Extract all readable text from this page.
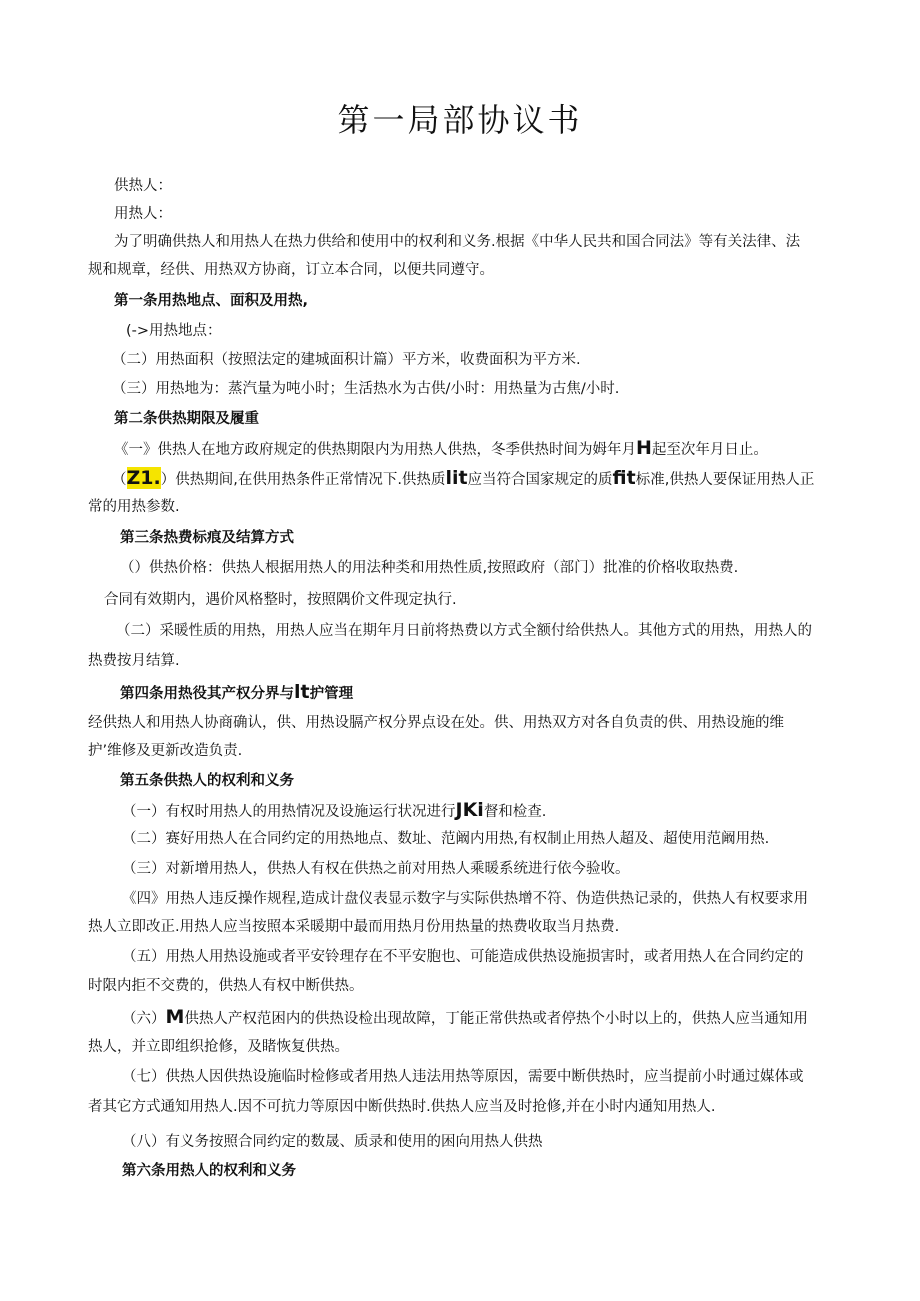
第一局部协议书
供热人：
用热人：
为了明确供热人和用热人在热力供给和使用中的权利和义务.根据《中华人民共和国合同法》等有关法律、法
规和规章，经供、用热双方协商，订立本合同，以便共同遵守。
第一条用热地点、面积及用热,
(->用热地点：
（二）用热面积（按照法定的建城面积计篇）平方米，收费面积为平方米.
（三）用热地为：蒸汽量为吨小时；生活热水为古供/小时：用热量为古焦/小时.
第二条供热期限及履重
《一》供热人在地方政府规定的供热期限内为用热人供热，冬季供热时间为姆年月H起至次年月日止。
（Z1.）供热期间,在供用热条件正常情况下.供热质lit应当符合国家规定的质fit标准,供热人要保证用热人正
常的用热参数.
第三条热费标痕及结算方式
（）供热价格：供热人根据用热人的用法种类和用热性质,按照政府（部门）批准的价格收取热费.
合同有效期内，遇价风格整时，按照隅价文件现定执行.
（二）采暖性质的用热，用热人应当在期年月日前将热费以方式全额付给供热人。其他方式的用热，用热人的
热费按月结算.
第四条用热役其产权分界与lt护管理
经供热人和用热人协商确认，供、用热设膈产权分界点设在处。供、用热双方对各自负责的供、用热设施的维
护’维修及更新改造负责.
第五条供热人的权利和义务
（一）有权时用热人的用热情况及设施运行状况进行JKi督和检查.
（二）赛好用热人在合同约定的用热地点、数址、范阚内用热,有权制止用热人超及、超使用范阚用热.
（三）对新增用热人，供热人有权在供热之前对用热人乘暖系统进行依今验收。
《四》用热人违反操作规程,造成计盘仪表显示数字与实际供热增不符、伪造供热记录的，供热人有权要求用
热人立即改正.用热人应当按照本采暖期中最而用热月份用热量的热费收取当月热费.
（五）用热人用热设施或者平安铃理存在不平安胞也、可能造成供热设施损害时，或者用热人在合同约定的
时限内拒不交费的，供热人有权中断供热。
（六）M供热人产权范困内的供热设检出现故障，丁能正常供热或者停热个小时以上的，供热人应当通知用
热人，并立即组织抢修，及睹恢复供热。
（七）供热人因供热设施临时检修或者用热人违法用热等原因，需要中断供热时，应当提前小时通过媒体或
者其它方式通知用热人.因不可抗力等原因中断供热时.供热人应当及时抢修,并在小时内通知用热人.
（八）有义务按照合同约定的数晟、质录和使用的困向用热人供热
第六条用热人的权利和义务
